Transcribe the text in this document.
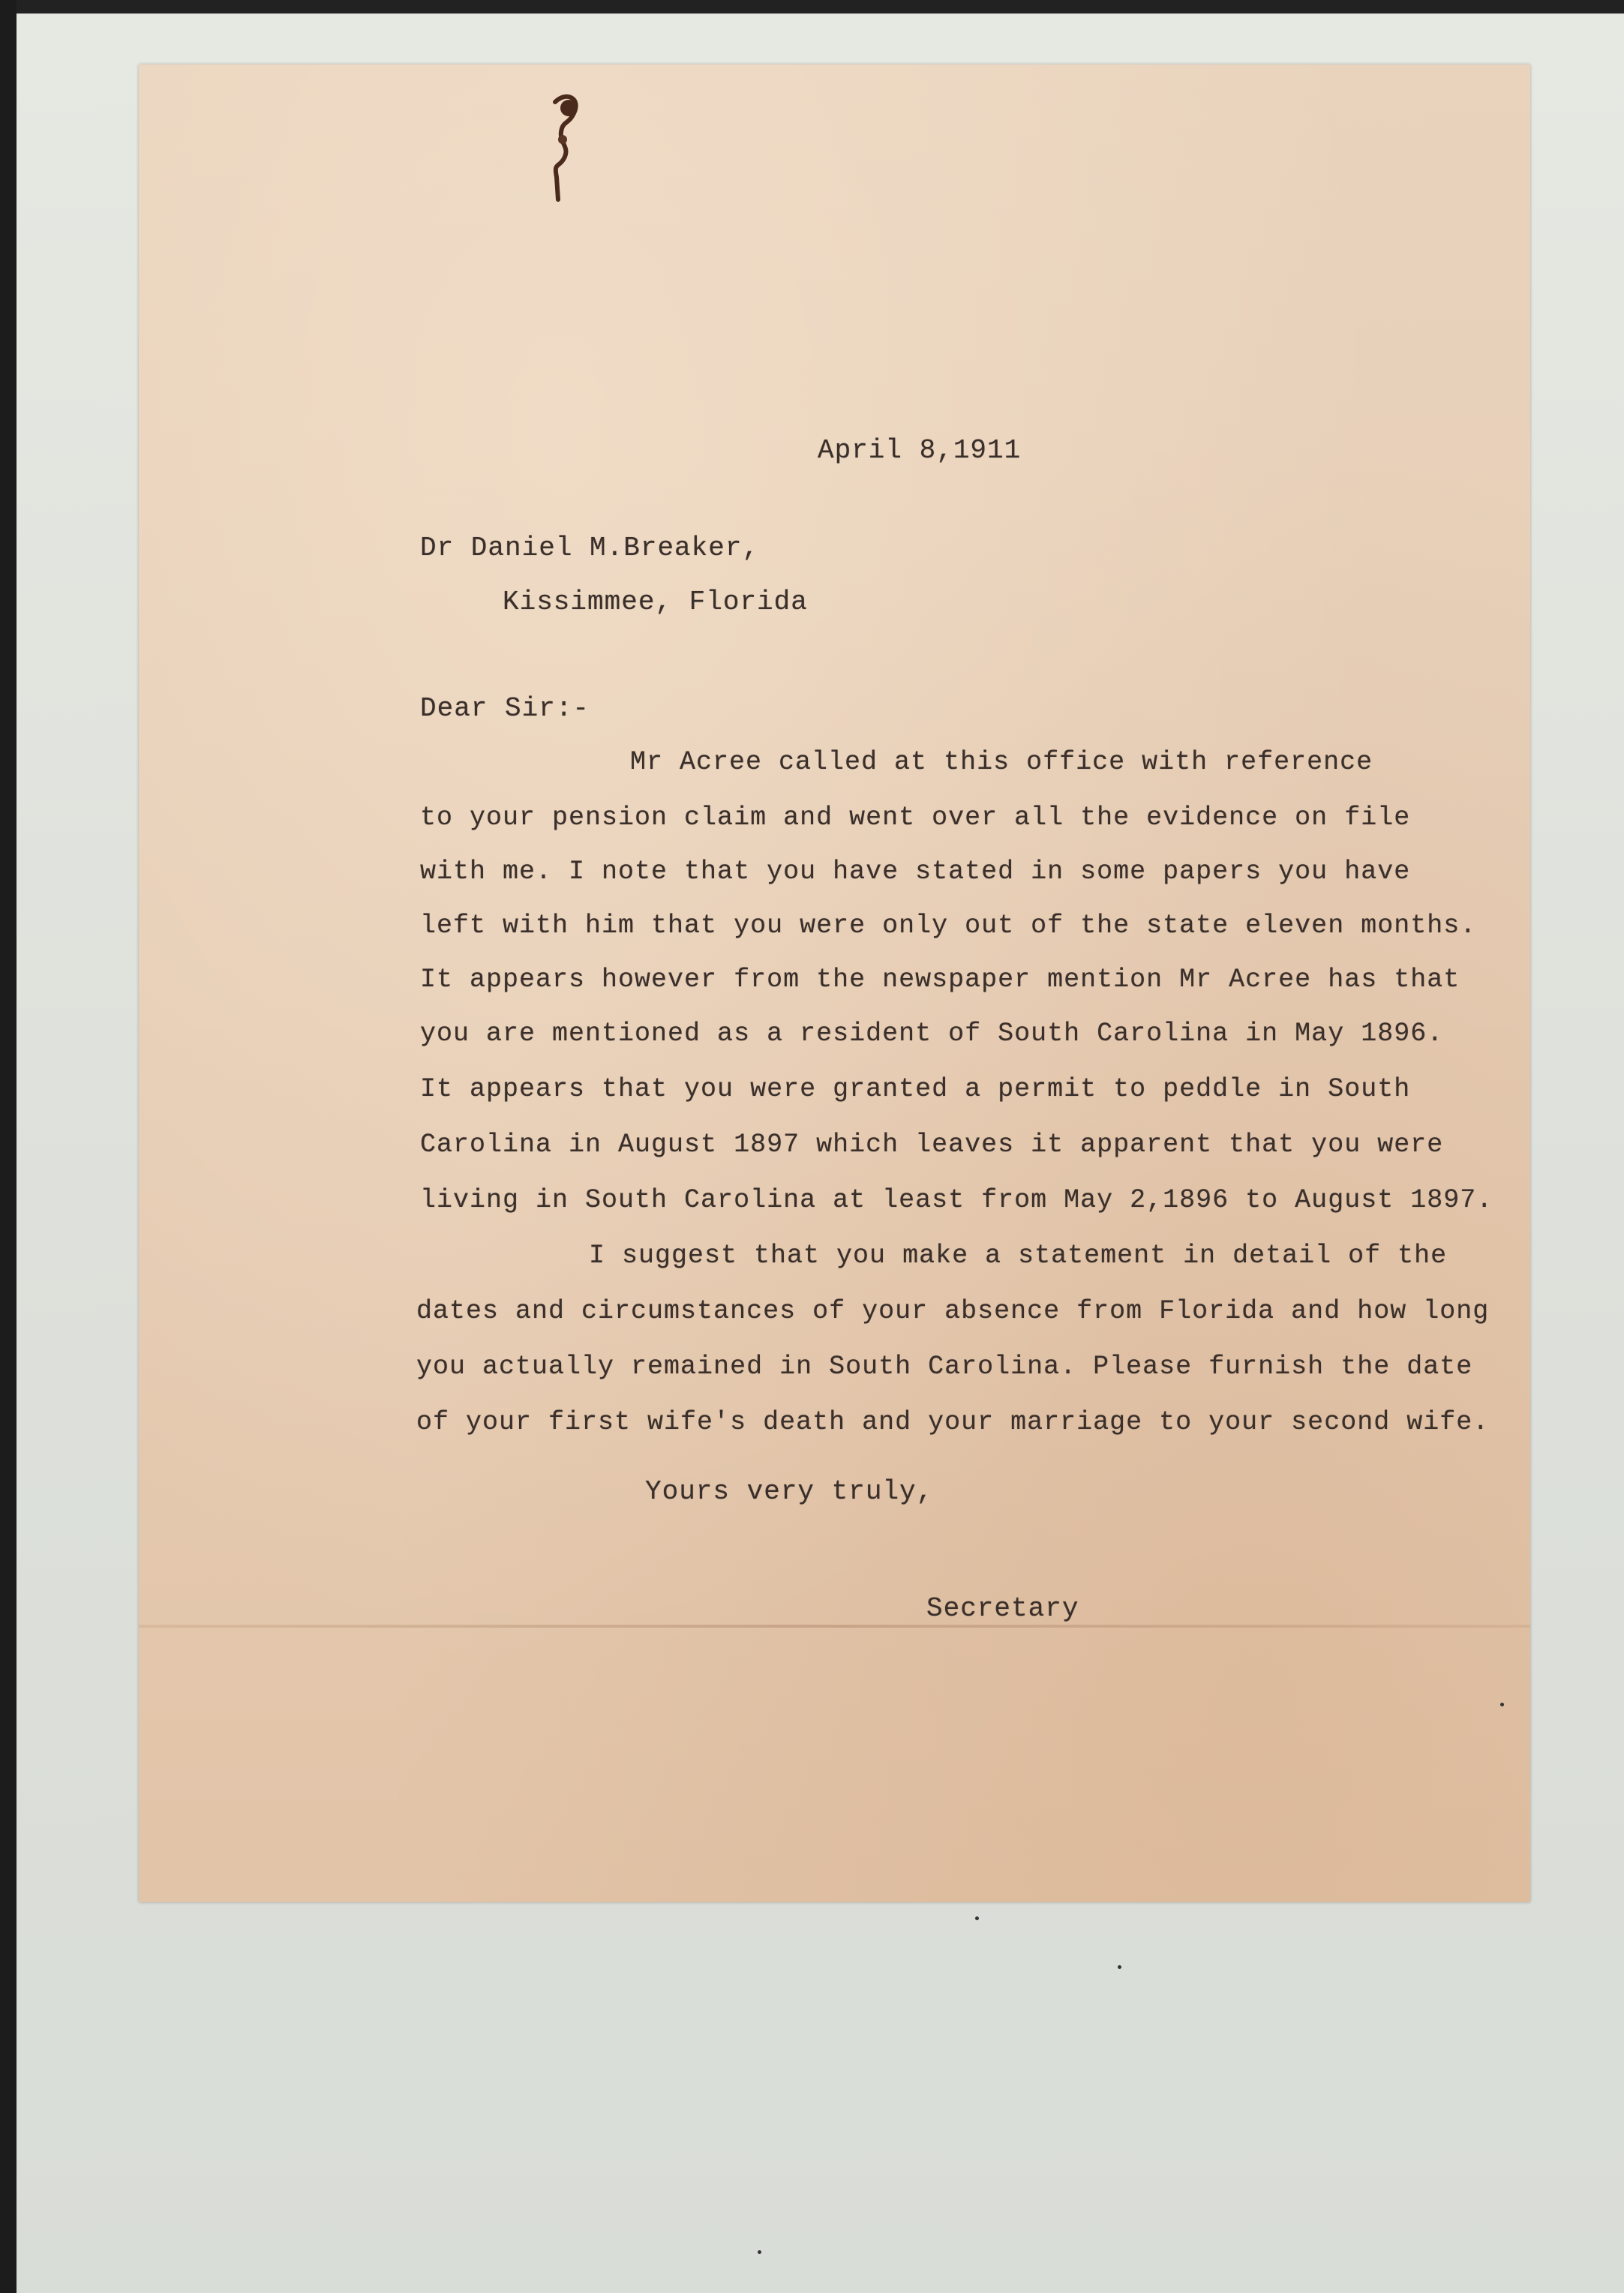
April 8,1911
Dr Daniel M.Breaker,
Kissimmee, Florida
Dear Sir:-
Mr Acree called at this office with reference
to your pension claim and went over all the evidence on file
with me. I note that you have stated in some papers you have
left with him that you were only out of the state eleven months.
It appears however from the newspaper mention Mr Acree has that
you are mentioned as a resident of South Carolina in May 1896.
It appears that you were granted a permit to peddle in South
Carolina in August 1897 which leaves it apparent that you were
living in South Carolina at least from May 2,1896 to August 1897.
I suggest that you make a statement in detail of the
dates and circumstances of your absence from Florida and how long
you actually remained in South Carolina. Please furnish the date
of your first wife's death and your marriage to your second wife.
Yours very truly,
Secretary
